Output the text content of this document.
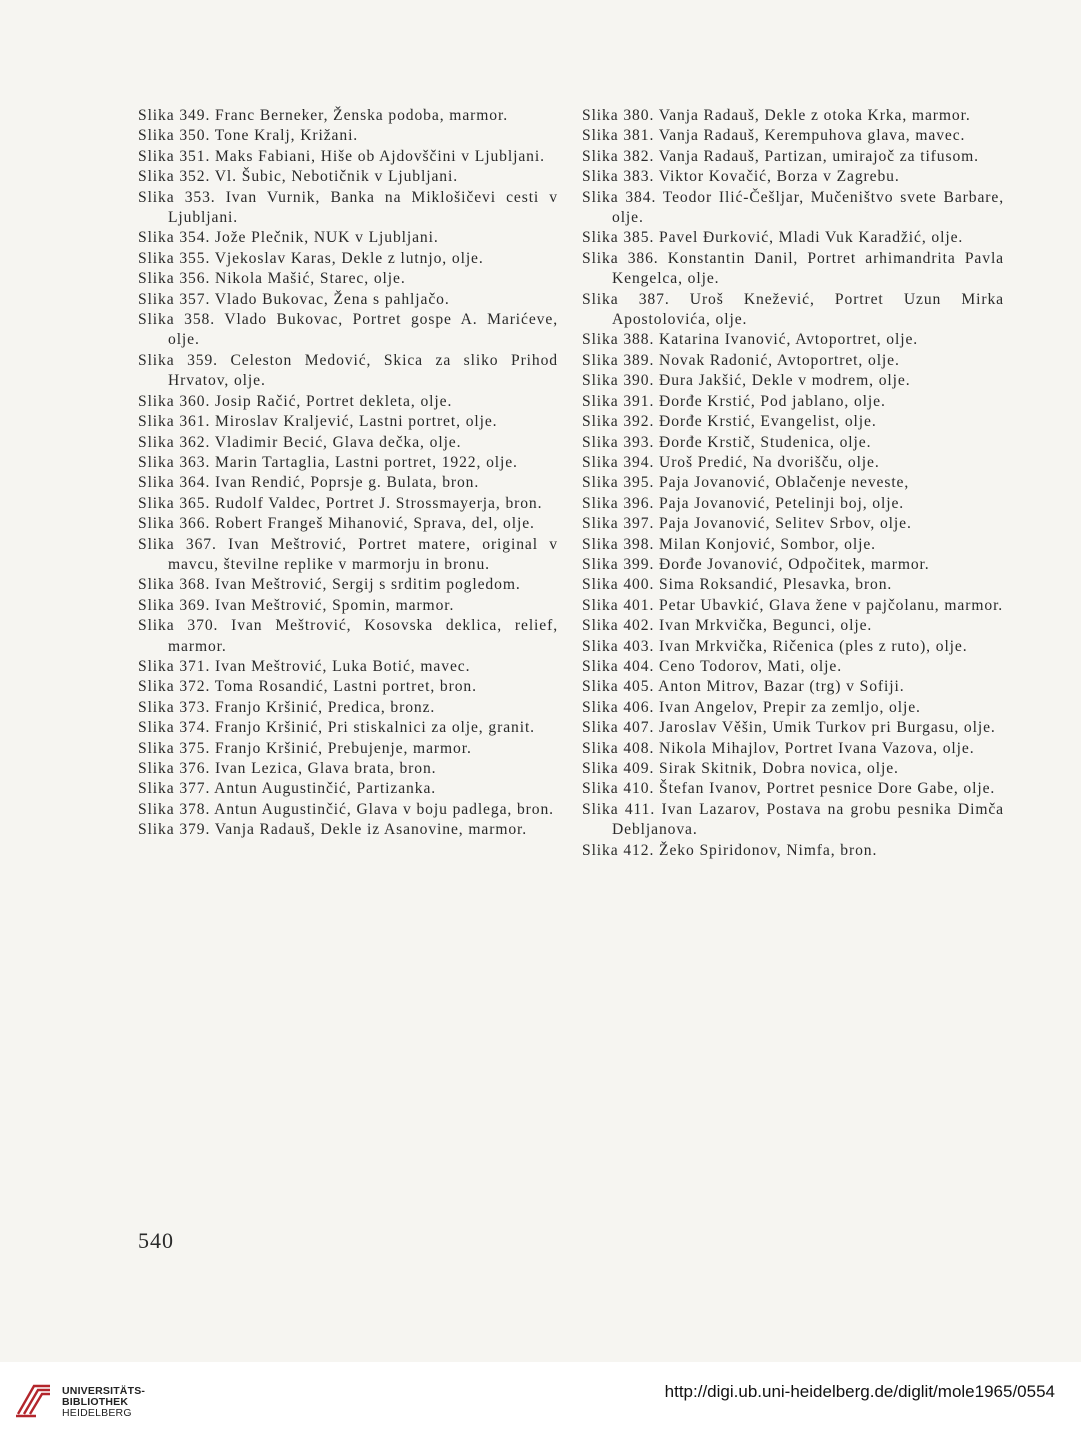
Slika 349. Franc Berneker, Ženska podoba, marmor.

Slika 350. Tone Kralj, Križani.

Slika 351. Maks Fabiani, Hiše ob Ajdovščini v Ljubljani.

Slika 352. Vl. Šubic, Nebotičnik v Ljubljani.

Slika 353. Ivan Vurnik, Banka na Miklošičevi cesti v Ljubljani.

Slika 354. Jože Plečnik, NUK v Ljubljani.

Slika 355. Vjekoslav Karas, Dekle z lutnjo, olje.

Slika 356. Nikola Mašić, Starec, olje.

Slika 357. Vlado Bukovac, Žena s pahljačo.

Slika 358. Vlado Bukovac, Portret gospe A. Marićeve, olje.

Slika 359. Celeston Medović, Skica za sliko Prihod Hrvatov, olje.

Slika 360. Josip Račić, Portret dekleta, olje.

Slika 361. Miroslav Kraljević, Lastni portret, olje.

Slika 362. Vladimir Becić, Glava dečka, olje.

Slika 363. Marin Tartaglia, Lastni portret, 1922, olje.

Slika 364. Ivan Rendić, Poprsje g. Bulata, bron.

Slika 365. Rudolf Valdec, Portret J. Strossmayerja, bron.

Slika 366. Robert Frangeš Mihanović, Sprava, del, olje.

Slika 367. Ivan Meštrović, Portret matere, original v mavcu, številne replike v marmorju in bronu.

Slika 368. Ivan Meštrović, Sergij s srditim pogledom.

Slika 369. Ivan Meštrović, Spomin, marmor.

Slika 370. Ivan Meštrović, Kosovska deklica, relief, marmor.

Slika 371. Ivan Meštrović, Luka Botić, mavec.

Slika 372. Toma Rosandić, Lastni portret, bron.

Slika 373. Franjo Kršinić, Predica, bronz.

Slika 374. Franjo Kršinić, Pri stiskalnici za olje, granit.

Slika 375. Franjo Kršinić, Prebujenje, marmor.

Slika 376. Ivan Lezica, Glava brata, bron.

Slika 377. Antun Augustinčić, Partizanka.

Slika 378. Antun Augustinčić, Glava v boju padlega, bron.

Slika 379. Vanja Radauš, Dekle iz Asanovine, marmor.

Slika 380. Vanja Radauš, Dekle z otoka Krka, marmor.

Slika 381. Vanja Radauš, Kerempuhova glava, mavec.

Slika 382. Vanja Radauš, Partizan, umirajoč za tifusom.

Slika 383. Viktor Kovačić, Borza v Zagrebu.

Slika 384. Teodor Ilić-Češljar, Mučeništvo svete Barbare, olje.

Slika 385. Pavel Đurković, Mladi Vuk Karadžić, olje.

Slika 386. Konstantin Danil, Portret arhimandrita Pavla Kengelca, olje.

Slika 387. Uroš Knežević, Portret Uzun Mirka Apostolovića, olje.

Slika 388. Katarina Ivanović, Avtoportret, olje.

Slika 389. Novak Radonić, Avtoportret, olje.

Slika 390. Đura Jakšić, Dekle v modrem, olje.

Slika 391. Đorđe Krstić, Pod jablano, olje.

Slika 392. Đorđe Krstić, Evangelist, olje.

Slika 393. Đorđe Krstič, Studenica, olje.

Slika 394. Uroš Predić, Na dvorišču, olje.

Slika 395. Paja Jovanović, Oblačenje neveste,

Slika 396. Paja Jovanović, Petelinji boj, olje.

Slika 397. Paja Jovanović, Selitev Srbov, olje.

Slika 398. Milan Konjović, Sombor, olje.

Slika 399. Đorđe Jovanović, Odpočitek, marmor.

Slika 400. Sima Roksandić, Plesavka, bron.

Slika 401. Petar Ubavkić, Glava žene v pajčolanu, marmor.

Slika 402. Ivan Mrkvička, Begunci, olje.

Slika 403. Ivan Mrkvička, Ričenica (ples z ruto), olje.

Slika 404. Ceno Todorov, Mati, olje.

Slika 405. Anton Mitrov, Bazar (trg) v Sofiji.

Slika 406. Ivan Angelov, Prepir za zemljo, olje.

Slika 407. Jaroslav Věšin, Umik Turkov pri Burgasu, olje.

Slika 408. Nikola Mihajlov, Portret Ivana Vazova, olje.

Slika 409. Sirak Skitnik, Dobra novica, olje.

Slika 410. Štefan Ivanov, Portret pesnice Dore Gabe, olje.

Slika 411. Ivan Lazarov, Postava na grobu pesnika Dimča Debljanova.

Slika 412. Žeko Spiridonov, Nimfa, bron.

540
UNIVERSITÄTS-
BIBLIOTHEK
HEIDELBERG
http://digi.ub.uni-heidelberg.de/diglit/mole1965/0554
